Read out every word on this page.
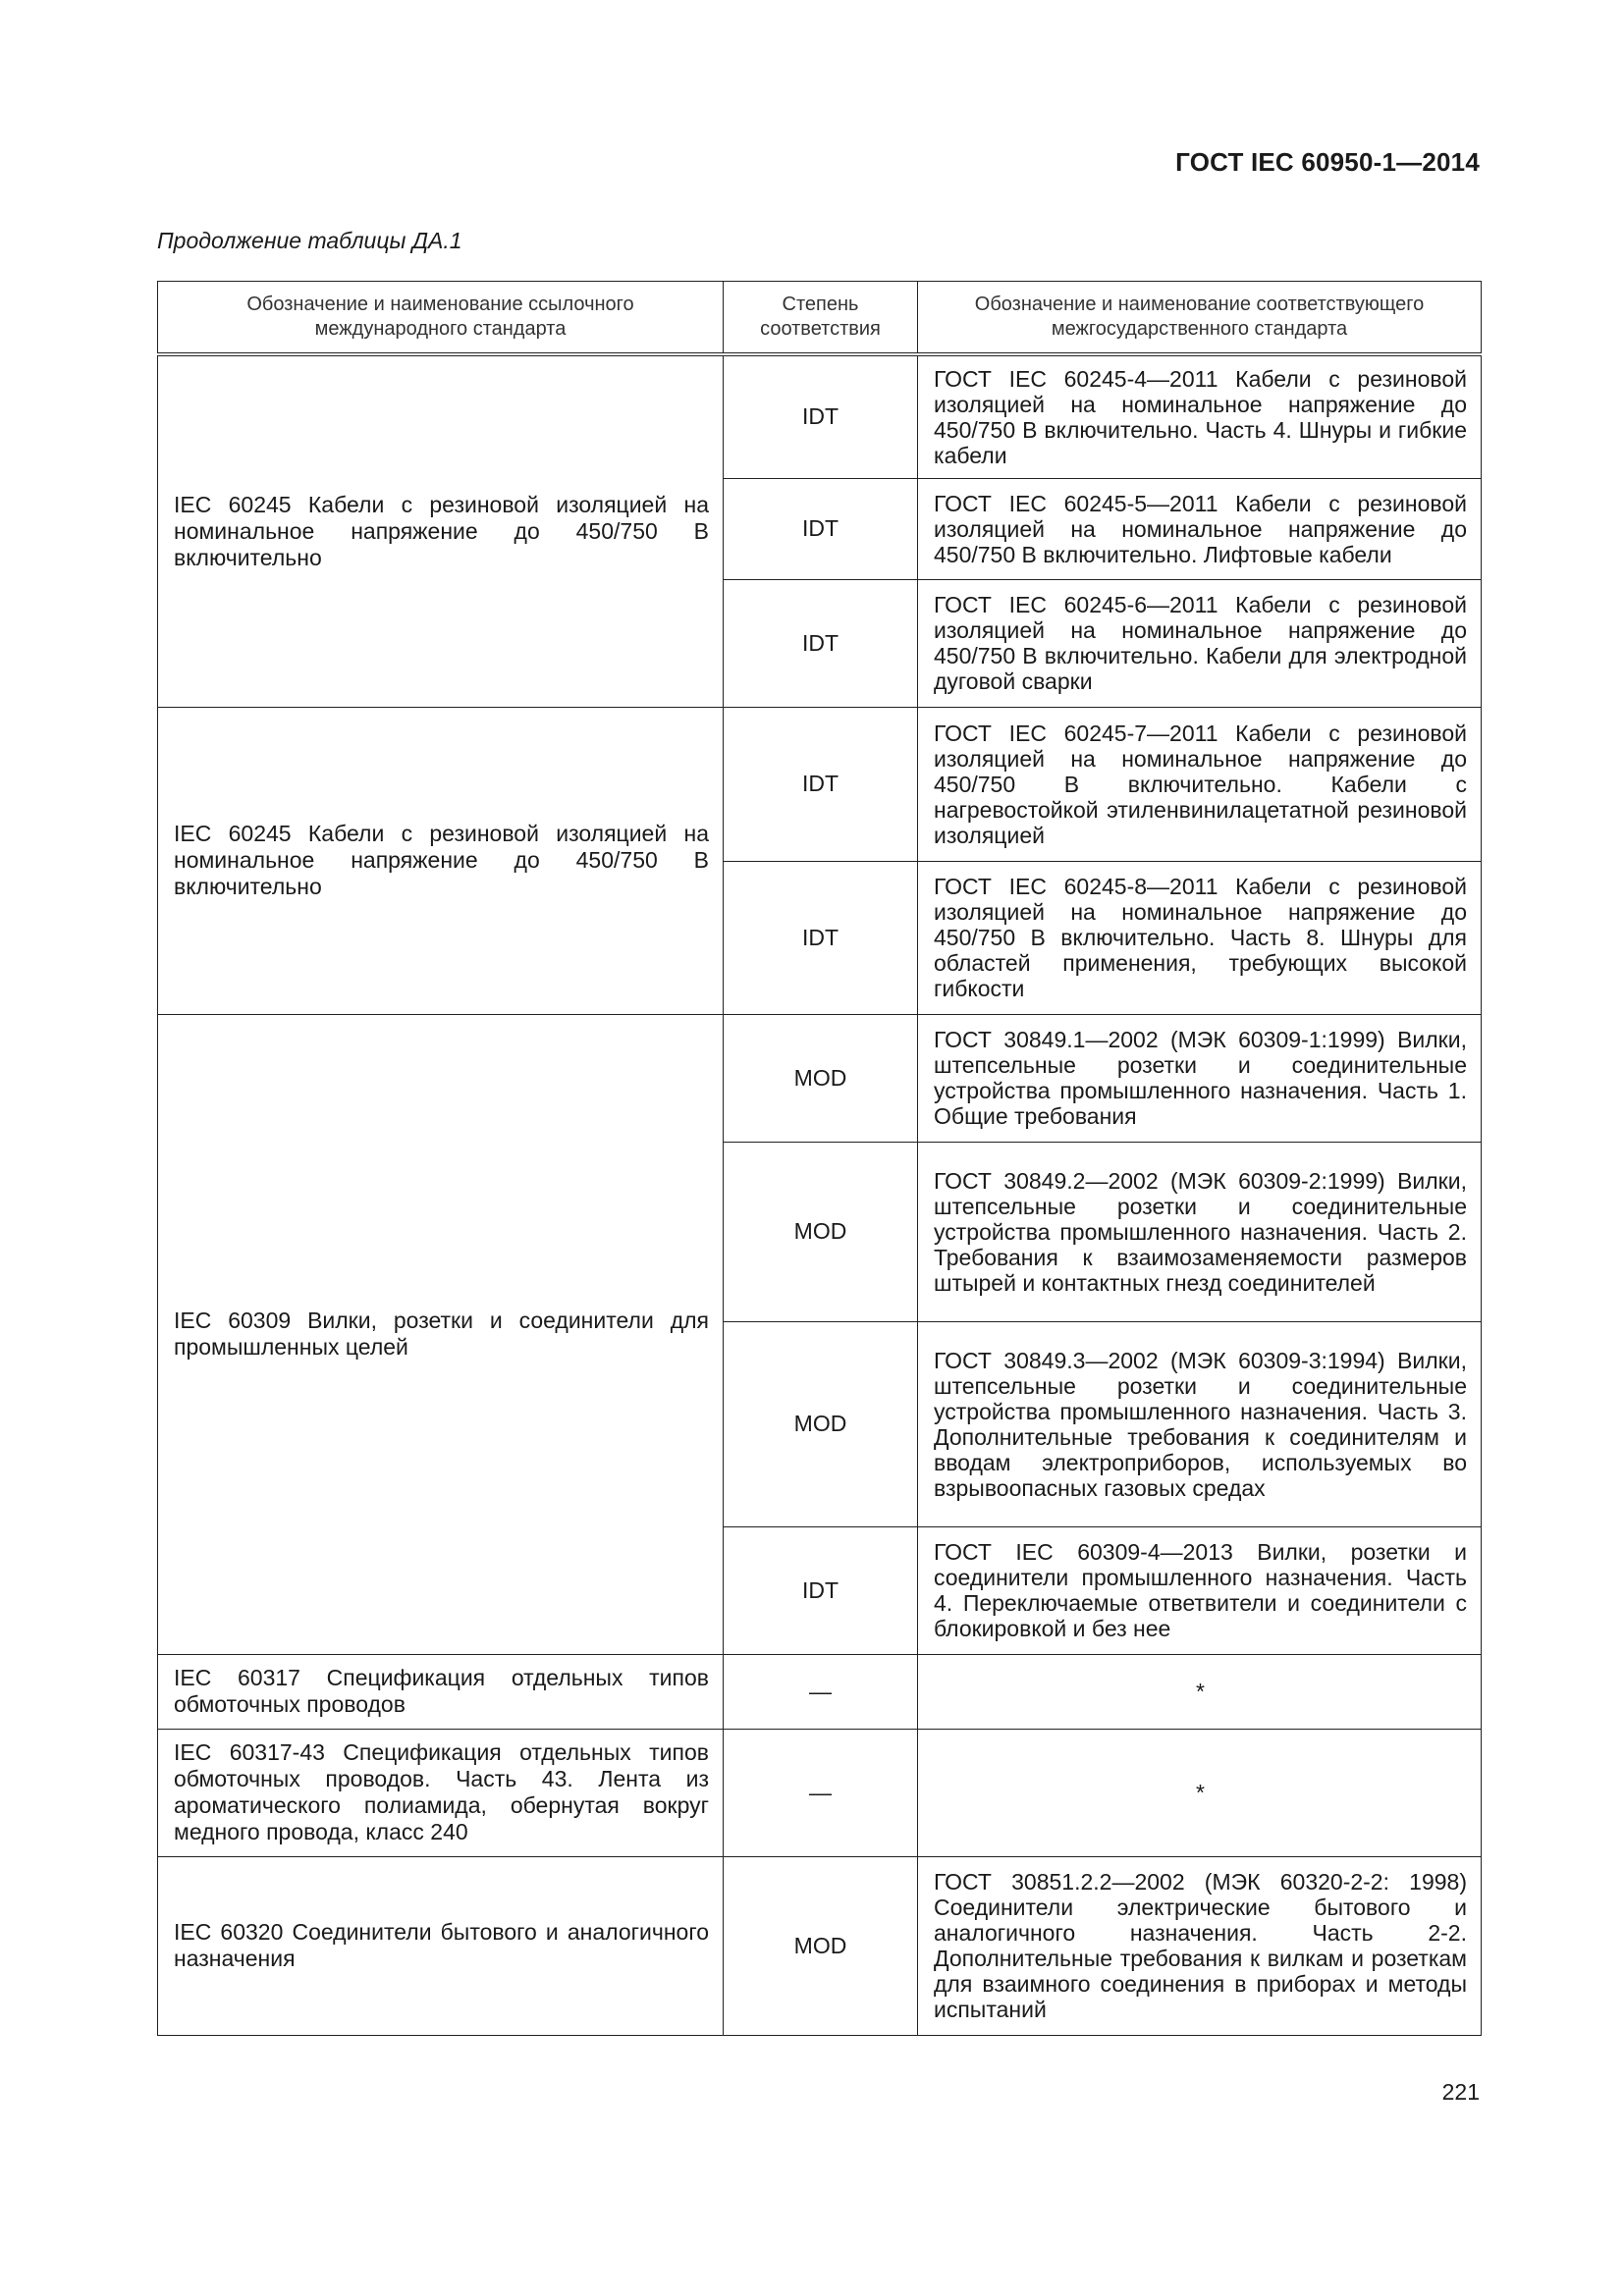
ГОСТ IEC 60950-1—2014
Продолжение таблицы ДА.1
Обозначение и наименование ссылочного международного стандарта	Степень соответствия	Обозначение и наименование соответствующего межгосударственного стандарта
IEC 60245 Кабели с резиновой изоляцией на номинальное напряжение до 450/750 В включительно	IDT	ГОСТ IEC 60245-4—2011 Кабели с резиновой изоляцией на номинальное напряжение до 450/750 В включительно. Часть 4. Шнуры и гибкие кабели
	IDT	ГОСТ IEC 60245-5—2011 Кабели с резиновой изоляцией на номинальное напряжение до 450/750 В включительно. Лифтовые кабели
	IDT	ГОСТ IEC 60245-6—2011 Кабели с резиновой изоляцией на номинальное напряжение до 450/750 В включительно. Кабели для электродной дуговой сварки
IEC 60245 Кабели с резиновой изоляцией на номинальное напряжение до 450/750 В включительно	IDT	ГОСТ IEC 60245-7—2011 Кабели с резиновой изоляцией на номинальное напряжение до 450/750 В включительно. Кабели с нагревостойкой этиленвинилацетатной резиновой изоляцией
	IDT	ГОСТ IEC 60245-8—2011 Кабели с резиновой изоляцией на номинальное напряжение до 450/750 В включительно. Часть 8. Шнуры для областей применения, требующих высокой гибкости
IEC 60309 Вилки, розетки и соединители для промышленных целей	MOD	ГОСТ 30849.1—2002 (МЭК 60309-1:1999) Вилки, штепсельные розетки и соединительные устройства промышленного назначения. Часть 1. Общие требования
	MOD	ГОСТ 30849.2—2002 (МЭК 60309-2:1999) Вилки, штепсельные розетки и соединительные устройства промышленного назначения. Часть 2. Требования к взаимозаменяемости размеров штырей и контактных гнезд соединителей
	MOD	ГОСТ 30849.3—2002 (МЭК 60309-3:1994) Вилки, штепсельные розетки и соединительные устройства промышленного назначения. Часть 3. Дополнительные требования к соединителям и вводам электроприборов, используемых во взрывоопасных газовых средах
	IDT	ГОСТ IEC 60309-4—2013 Вилки, розетки и соединители промышленного назначения. Часть 4. Переключаемые ответвители и соединители с блокировкой и без нее
IEC 60317 Спецификация отдельных типов обмоточных проводов	—	*
IEC 60317-43 Спецификация отдельных типов обмоточных проводов. Часть 43. Лента из ароматического полиамида, обернутая вокруг медного провода, класс 240	—	*
IEC 60320 Соединители бытового и аналогичного назначения	MOD	ГОСТ 30851.2.2—2002 (МЭК 60320-2-2: 1998) Соединители электрические бытового и аналогичного назначения. Часть 2-2. Дополнительные требования к вилкам и розеткам для взаимного соединения в приборах и методы испытаний
221
